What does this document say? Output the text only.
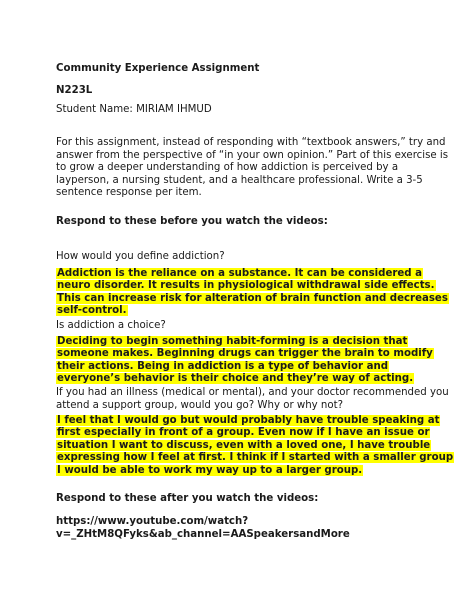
Community Experience Assignment
N223L
Student Name: MIRIAM IHMUD
For this assignment, instead of responding with “textbook answers,” try and
answer from the perspective of “in your own opinion.” Part of this exercise is
to grow a deeper understanding of how addiction is perceived by a
layperson, a nursing student, and a healthcare professional. Write a 3-5
sentence response per item.
Respond to these before you watch the videos:
How would you define addiction?
Addiction is the reliance on a substance. It can be considered a
neuro disorder. It results in physiological withdrawal side effects.
This can increase risk for alteration of brain function and decreases
self-control.
Is addiction a choice?
Deciding to begin something habit-forming is a decision that
someone makes. Beginning drugs can trigger the brain to modify
their actions. Being in addiction is a type of behavior and
everyone’s behavior is their choice and they’re way of acting.
If you had an illness (medical or mental), and your doctor recommended you
attend a support group, would you go? Why or why not?
I feel that I would go but would probably have trouble speaking at
first especially in front of a group. Even now if I have an issue or
situation I want to discuss, even with a loved one, I have trouble
expressing how I feel at first. I think if I started with a smaller group
I would be able to work my way up to a larger group.
Respond to these after you watch the videos:
https://www.youtube.com/watch?
v=_ZHtM8QFyks&ab_channel=AASpeakersandMore
